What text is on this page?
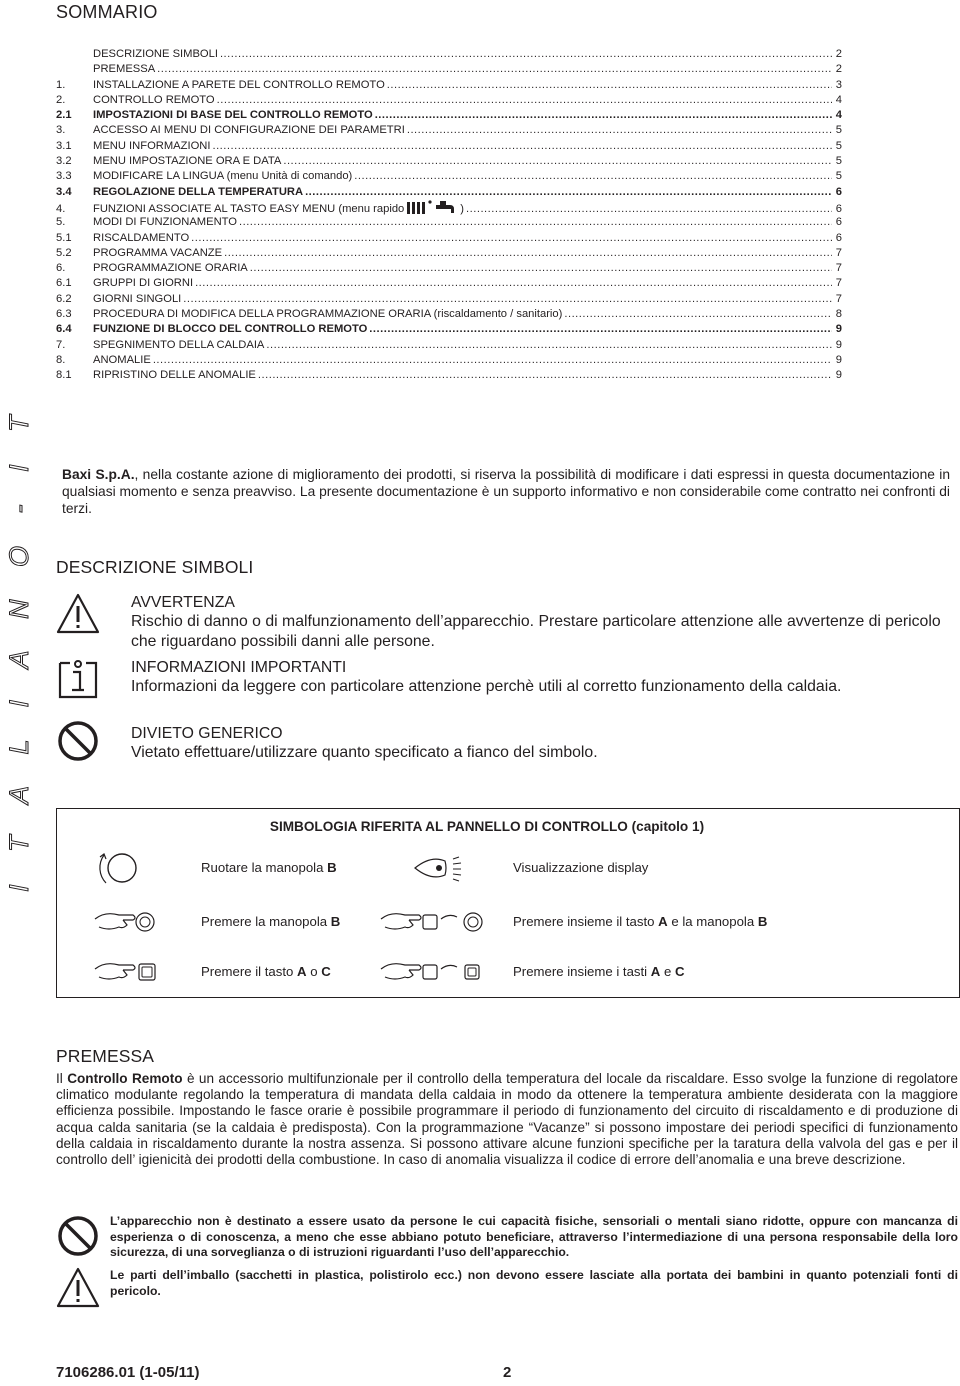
SOMMARIO
I T A L I A N O - I T
DESCRIZIONE SIMBOLI .....	2
PREMESSA .....	2
1.	INSTALLAZIONE A PARETE DEL CONTROLLO REMOTO .....	3
2.	CONTROLLO REMOTO .....	4
2.1	IMPOSTAZIONI DI BASE DEL CONTROLLO REMOTO .....	4
3.	ACCESSO AI MENU DI CONFIGURAZIONE DEI PARAMETRI .....	5
3.1	MENU INFORMAZIONI .....	5
3.2	MENU IMPOSTAZIONE ORA E DATA .....	5
3.3	MODIFICARE LA LINGUA (menu Unità di comando) .....	5
3.4	REGOLAZIONE DELLA TEMPERATURA .....	6
4.	FUNZIONI ASSOCIATE AL TASTO EASY MENU (menu rapido	) .....	6
5.	MODI DI FUNZIONAMENTO .....	6
5.1	RISCALDAMENTO .....	6
5.2	PROGRAMMA VACANZE .....	7
6.	PROGRAMMAZIONE ORARIA .....	7
6.1	GRUPPI DI GIORNI .....	7
6.2	GIORNI SINGOLI .....	7
6.3	PROCEDURA DI MODIFICA DELLA PROGRAMMAZIONE ORARIA (riscaldamento / sanitario) .....	8
6.4	FUNZIONE DI BLOCCO DEL CONTROLLO REMOTO .....	9
7.	SPEGNIMENTO DELLA CALDAIA .....	9
8.	ANOMALIE .....	9
8.1	RIPRISTINO DELLE ANOMALIE .....	9
Baxi S.p.A., nella costante azione di miglioramento dei prodotti, si riserva la possibilità di modificare i dati espressi in questa documentazione in qualsiasi momento e senza preavviso. La presente documentazione è un supporto informativo e non considerabile come contratto nei confronti di terzi.
DESCRIZIONE SIMBOLI
AVVERTENZA
Rischio di danno o di malfunzionamento dell’apparecchio. Prestare particolare attenzione alle avvertenze di pericolo che riguardano possibili danni alle persone.
INFORMAZIONI IMPORTANTI
Informazioni da leggere con particolare attenzione perchè utili al corretto funzionamento della caldaia.
DIVIETO GENERICO
Vietato effettuare/utilizzare quanto specificato a fianco del simbolo.
SIMBOLOGIA RIFERITA AL PANNELLO DI CONTROLLO (capitolo 1)
Ruotare la manopola B	Visualizzazione display
Premere la manopola B	Premere insieme il tasto A e la manopola B
Premere il tasto A o C	Premere insieme i tasti A e C
PREMESSA
Il Controllo Remoto è un accessorio multifunzionale per il controllo della temperatura del locale da riscaldare. Esso svolge la funzione di regolatore climatico modulante regolando la temperatura di mandata della caldaia in modo da ottenere la temperatura ambiente desiderata con la maggiore efficienza possibile. Impostando le fasce orarie è possibile programmare il periodo di funzionamento del circuito di riscaldamento e di produzione di acqua calda sanitaria (se la caldaia è predisposta). Con la programmazione “Vacanze” si possono impostare dei periodi specifici di funzionamento della caldaia in riscaldamento durante la nostra assenza. Si possono attivare alcune funzioni specifiche per la taratura della valvola del gas e per il controllo dell’ igienicità dei prodotti della combustione. In caso di anomalia visualizza il codice di errore dell’anomalia e una breve descrizione.
L’apparecchio non è destinato a essere usato da persone le cui capacità fisiche, sensoriali o mentali siano ridotte, oppure con mancanza di esperienza o di conoscenza, a meno che esse abbiano potuto beneficiare, attraverso l’intermediazione di una persona responsabile della loro sicurezza, di una sorveglianza o di istruzioni riguardanti l’uso dell’apparecchio.
Le parti dell’imballo (sacchetti in plastica, polistirolo ecc.) non devono essere lasciate alla portata dei bambini in quanto potenziali fonti di pericolo.
7106286.01 (1-05/11)	2
